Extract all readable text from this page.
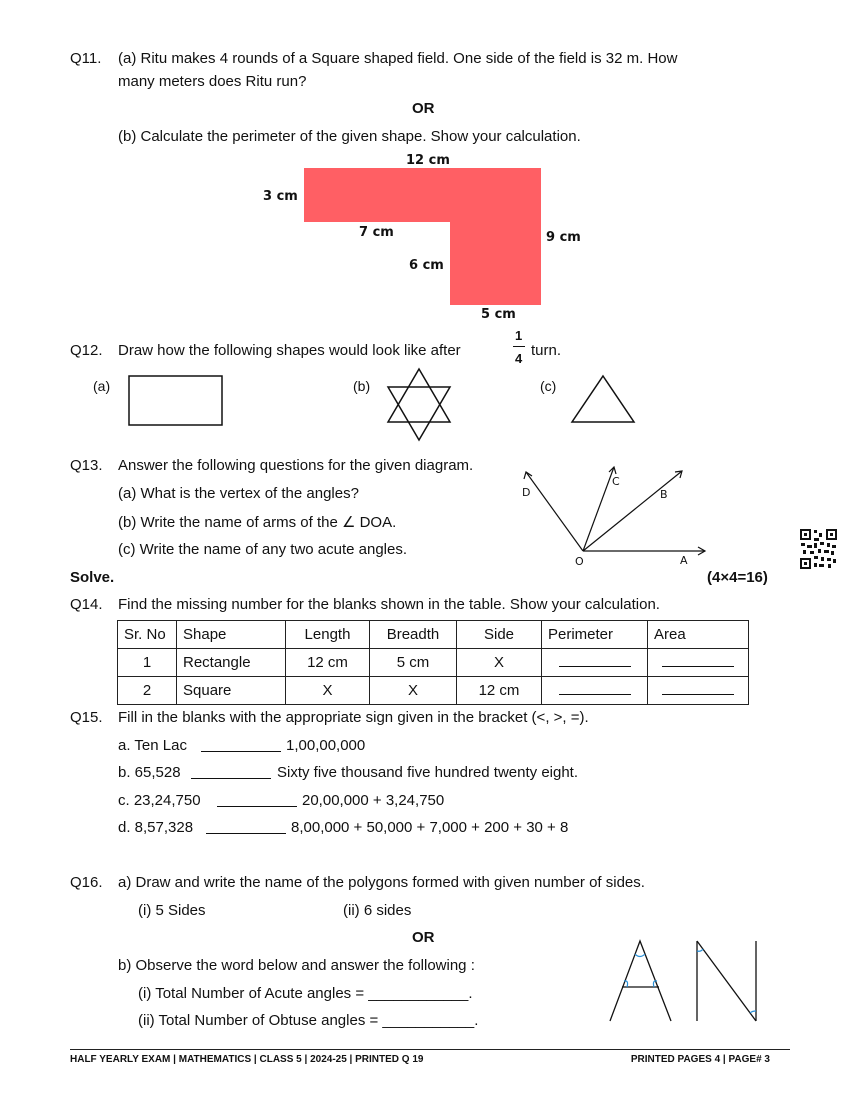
Q11. (a) Ritu makes 4 rounds of a Square shaped field. One side of the field is 32 m. How
many meters does Ritu run?
OR
(b) Calculate the perimeter of the given shape. Show your calculation.
12 cm
3 cm
7 cm	9 cm
6 cm
5 cm
Q12. Draw how the following shapes would look like after
1
4 turn.
(a)	(b)	(c)
Q13. Answer the following questions for the given diagram.
(a) What is the vertex of the angles?
(b) Write the name of arms of the ∠ DOA.
(c) Write the name of any two acute angles.
D
C
B
O	A
Solve.	(4×4=16)
Q14. Find the missing number for the blanks shown in the table. Show your calculation.
Sr. No	Shape	Length	Breadth	Side	Perimeter	Area
1	Rectangle	12 cm	5 cm	X		
2	Square	X	X	12 cm		
Q15. Fill in the blanks with the appropriate sign given in the bracket (<, >, =).
a. Ten Lac	1,00,00,000
b. 65,528	Sixty five thousand five hundred twenty eight.
c. 23,24,750	20,00,000 + 3,24,750
d. 8,57,328	8,00,000 + 50,000 + 7,000 + 200 + 30 + 8
Q16. a) Draw and write the name of the polygons formed with given number of sides.
(i) 5 Sides	(ii) 6 sides
OR
b) Observe the word below and answer the following :
(i) Total Number of Acute angles = ____________.
(ii) Total Number of Obtuse angles = ___________.
A	N
HALF YEARLY EXAM | MATHEMATICS | CLASS 5 | 2024-25 | PRINTED Q 19	PRINTED PAGES 4 | PAGE# 3
